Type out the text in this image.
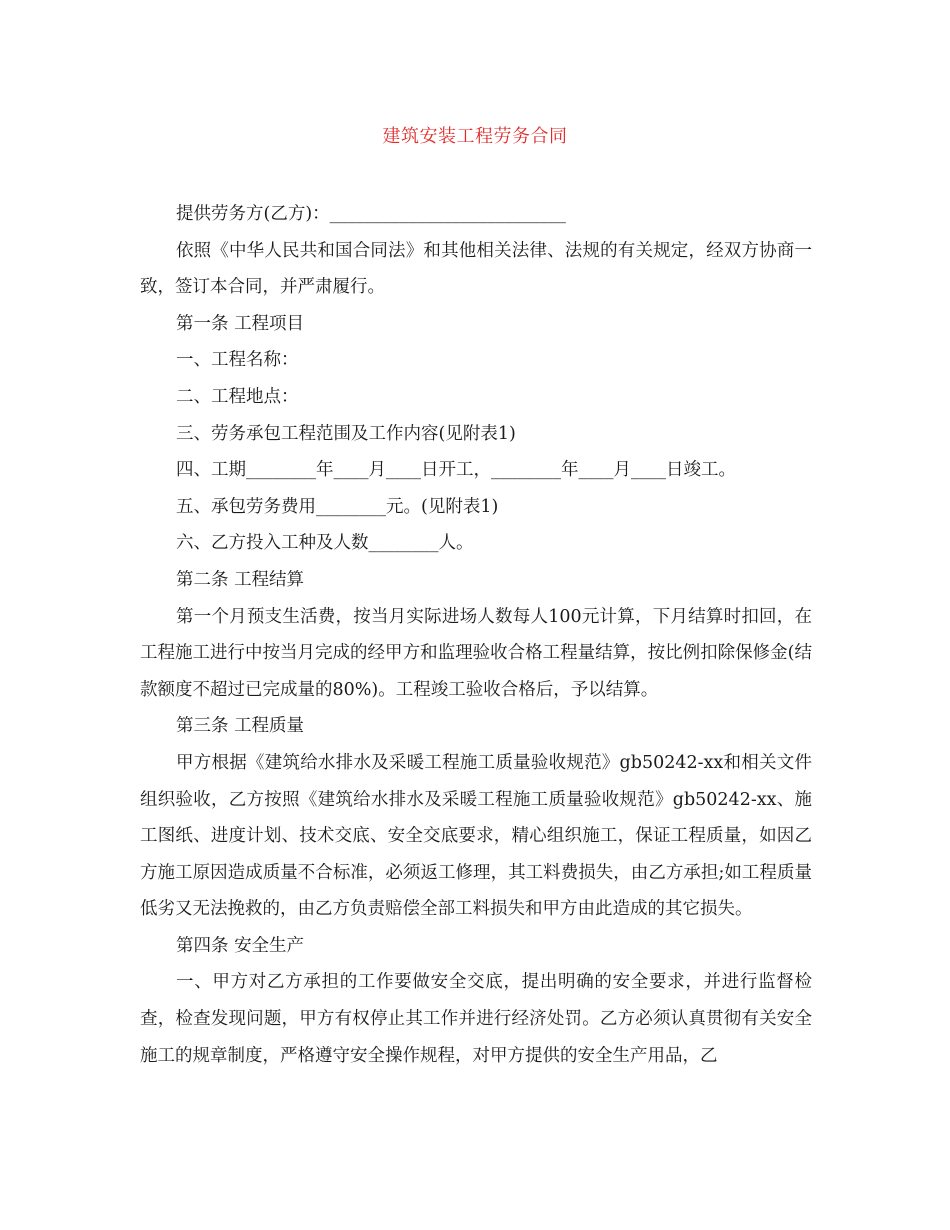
建筑安装工程劳务合同

提供劳务方(乙方)：___________________________

依照《中华人民共和国合同法》和其他相关法律、法规的有关规定，经双方协商一致，签订本合同，并严肃履行。

第一条 工程项目

一、工程名称：

二、工程地点：

三、劳务承包工程范围及工作内容(见附表1)

四、工期________年____月____日开工，________年____月____日竣工。

五、承包劳务费用________元。(见附表1)

六、乙方投入工种及人数________人。

第二条 工程结算

第一个月预支生活费，按当月实际进场人数每人100元计算，下月结算时扣回，在工程施工进行中按当月完成的经甲方和监理验收合格工程量结算，按比例扣除保修金(结款额度不超过已完成量的80%)。工程竣工验收合格后，予以结算。

第三条 工程质量

甲方根据《建筑给水排水及采暖工程施工质量验收规范》gb50242-xx和相关文件组织验收，乙方按照《建筑给水排水及采暖工程施工质量验收规范》gb50242-xx、施工图纸、进度计划、技术交底、安全交底要求，精心组织施工，保证工程质量，如因乙方施工原因造成质量不合标准，必须返工修理，其工料费损失，由乙方承担;如工程质量低劣又无法挽救的，由乙方负责赔偿全部工料损失和甲方由此造成的其它损失。

第四条 安全生产

一、甲方对乙方承担的工作要做安全交底，提出明确的安全要求，并进行监督检查，检查发现问题，甲方有权停止其工作并进行经济处罚。乙方必须认真贯彻有关安全施工的规章制度，严格遵守安全操作规程，对甲方提供的安全生产用品，乙
